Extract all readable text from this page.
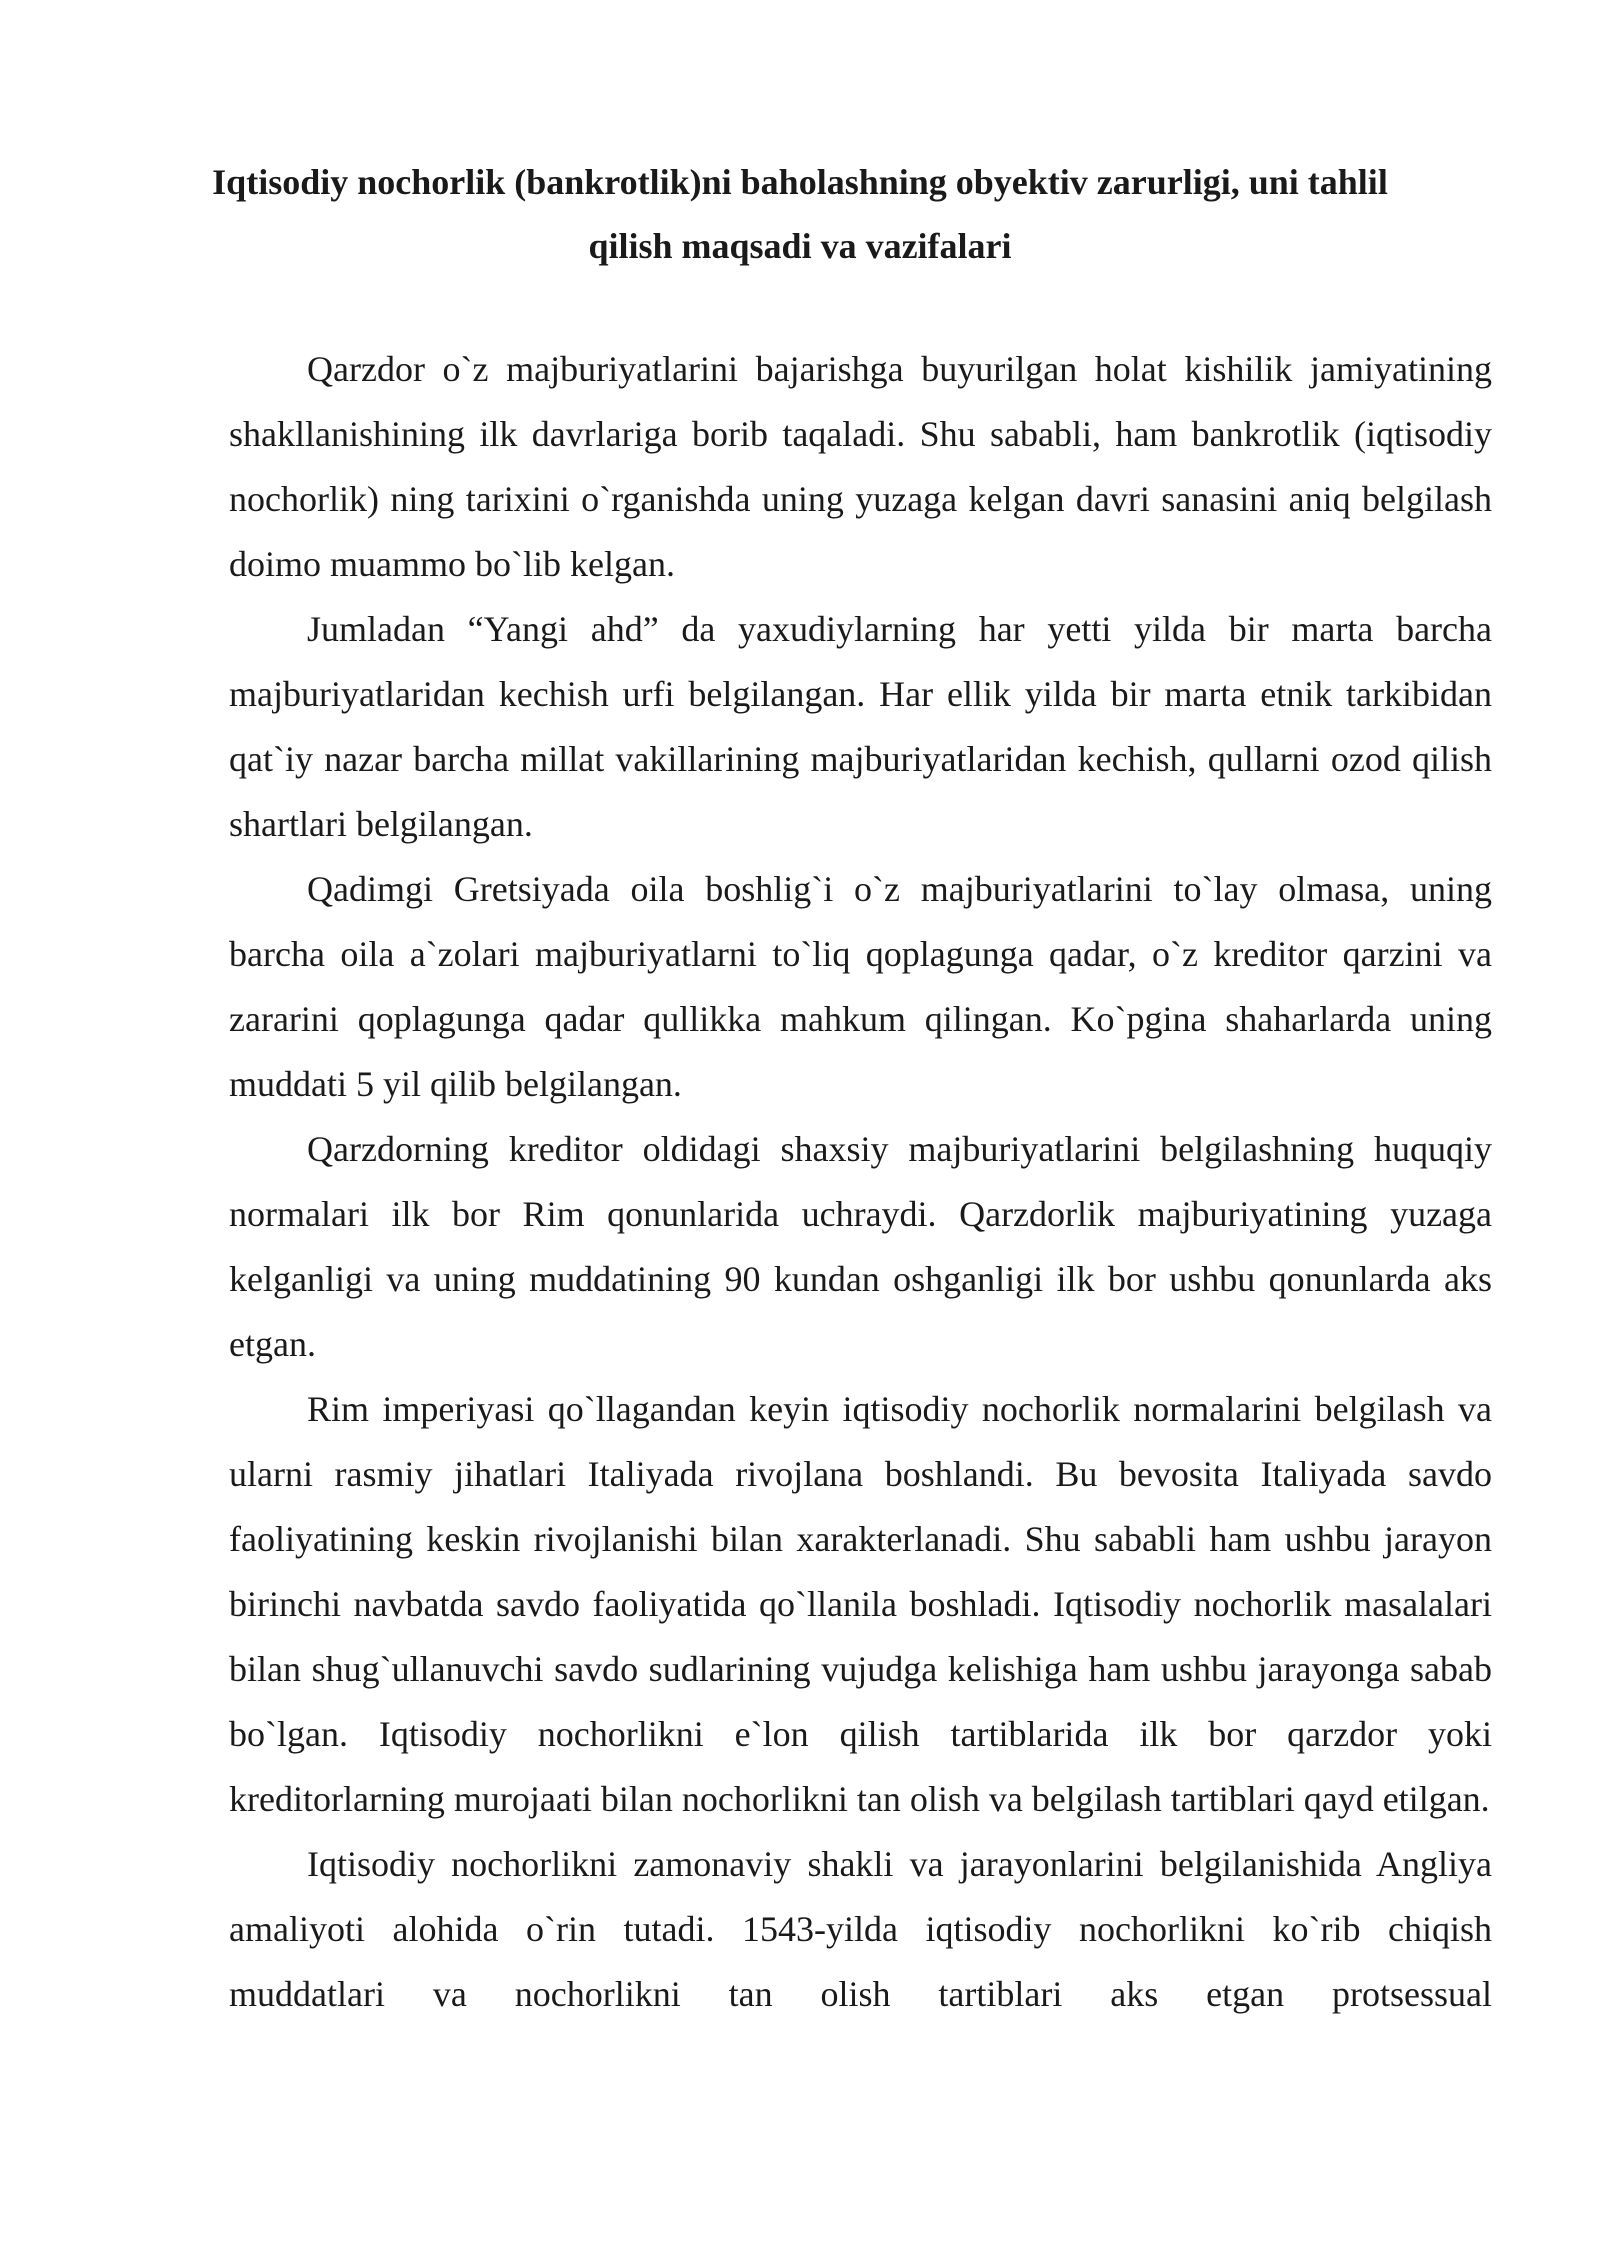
Iqtisodiy nochorlik (bankrotlik)ni baholashning obyektiv zarurligi, uni tahlil qilish maqsadi va vazifalari

Qarzdor o`z majburiyatlarini bajarishga buyurilgan holat kishilik jamiyatining shakllanishining ilk davrlariga borib taqaladi. Shu sababli, ham bankrotlik (iqtisodiy nochorlik) ning tarixini o`rganishda uning yuzaga kelgan davri sanasini aniq belgilash doimo muammo bo`lib kelgan.

Jumladan “Yangi ahd” da yaxudiylarning har yetti yilda bir marta barcha majburiyatlaridan kechish urfi belgilangan. Har ellik yilda bir marta etnik tarkibidan qat`iy nazar barcha millat vakillarining majburiyatlaridan kechish, qullarni ozod qilish shartlari belgilangan.

Qadimgi Gretsiyada oila boshlig`i o`z majburiyatlarini to`lay olmasa, uning barcha oila a`zolari majburiyatlarni to`liq qoplagunga qadar, o`z kreditor qarzini va zararini qoplagunga qadar qullikka mahkum qilingan. Ko`pgina shaharlarda uning muddati 5 yil qilib belgilangan.

Qarzdorning kreditor oldidagi shaxsiy majburiyatlarini belgilashning huquqiy normalari ilk bor Rim qonunlarida uchraydi. Qarzdorlik majburiyatining yuzaga kelganligi va uning muddatining 90 kundan oshganligi ilk bor ushbu qonunlarda aks etgan.

Rim imperiyasi qo`llagandan keyin iqtisodiy nochorlik normalarini belgilash va ularni rasmiy jihatlari Italiyada rivojlana boshlandi. Bu bevosita Italiyada savdo faoliyatining keskin rivojlanishi bilan xarakterlanadi. Shu sababli ham ushbu jarayon birinchi navbatda savdo faoliyatida qo`llanila boshladi. Iqtisodiy nochorlik masalalari bilan shug`ullanuvchi savdo sudlarining vujudga kelishiga ham ushbu jarayonga sabab bo`lgan. Iqtisodiy nochorlikni e`lon qilish tartiblarida ilk bor qarzdor yoki kreditorlarning murojaati bilan nochorlikni tan olish va belgilash tartiblari qayd etilgan.

Iqtisodiy nochorlikni zamonaviy shakli va jarayonlarini belgilanishida Angliya amaliyoti alohida o`rin tutadi. 1543-yilda iqtisodiy nochorlikni ko`rib chiqish muddatlari va nochorlikni tan olish tartiblari aks etgan protsessual
